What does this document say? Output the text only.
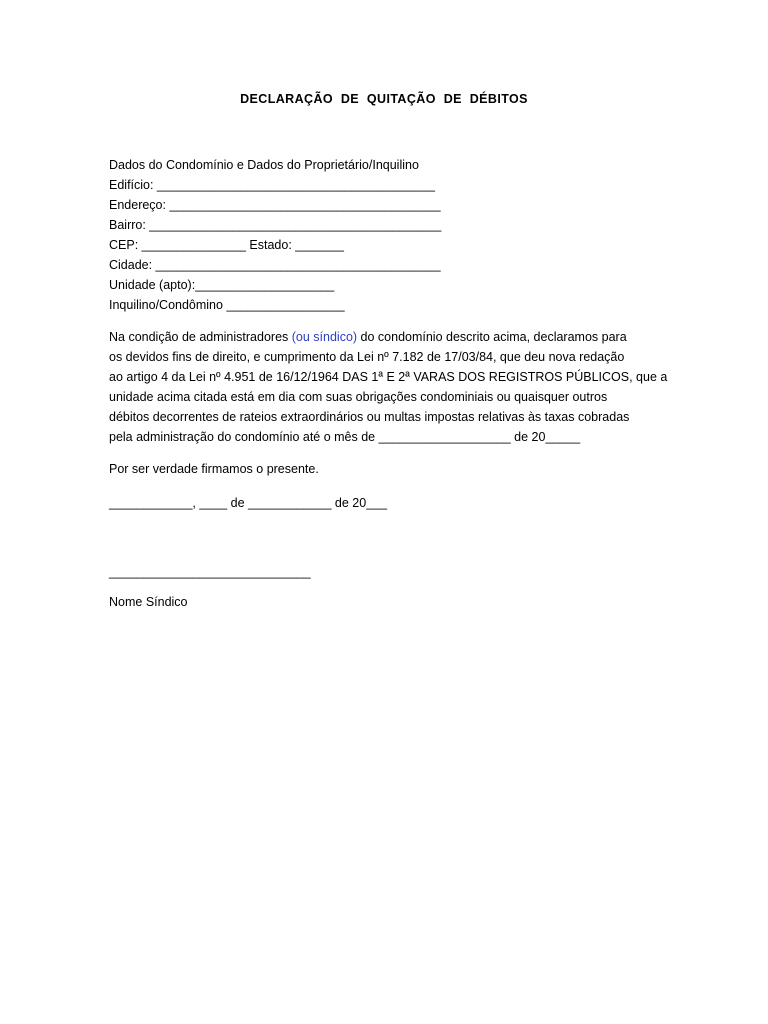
DECLARAÇÃO DE QUITAÇÃO DE DÉBITOS
Dados do Condomínio e Dados do Proprietário/Inquilino
Edifício: ________________________________________
Endereço: _______________________________________
Bairro: __________________________________________
CEP: _______________ Estado: _______
Cidade: _________________________________________
Unidade (apto):____________________
Inquilino/Condômino _________________
Na condição de administradores (ou síndico) do condomínio descrito acima, declaramos para
os devidos fins de direito, e cumprimento da Lei nº 7.182 de 17/03/84, que deu nova redação
ao artigo 4 da Lei nº 4.951 de 16/12/1964 DAS 1ª E 2ª VARAS DOS REGISTROS PÚBLICOS, que a
unidade acima citada está em dia com suas obrigações condominiais ou quaisquer outros
débitos decorrentes de rateios extraordinários ou multas impostas relativas às taxas cobradas
pela administração do condomínio até o mês de ___________________ de 20_____
Por ser verdade firmamos o presente.
____________, ____ de ____________ de 20___
_____________________________
Nome Síndico
